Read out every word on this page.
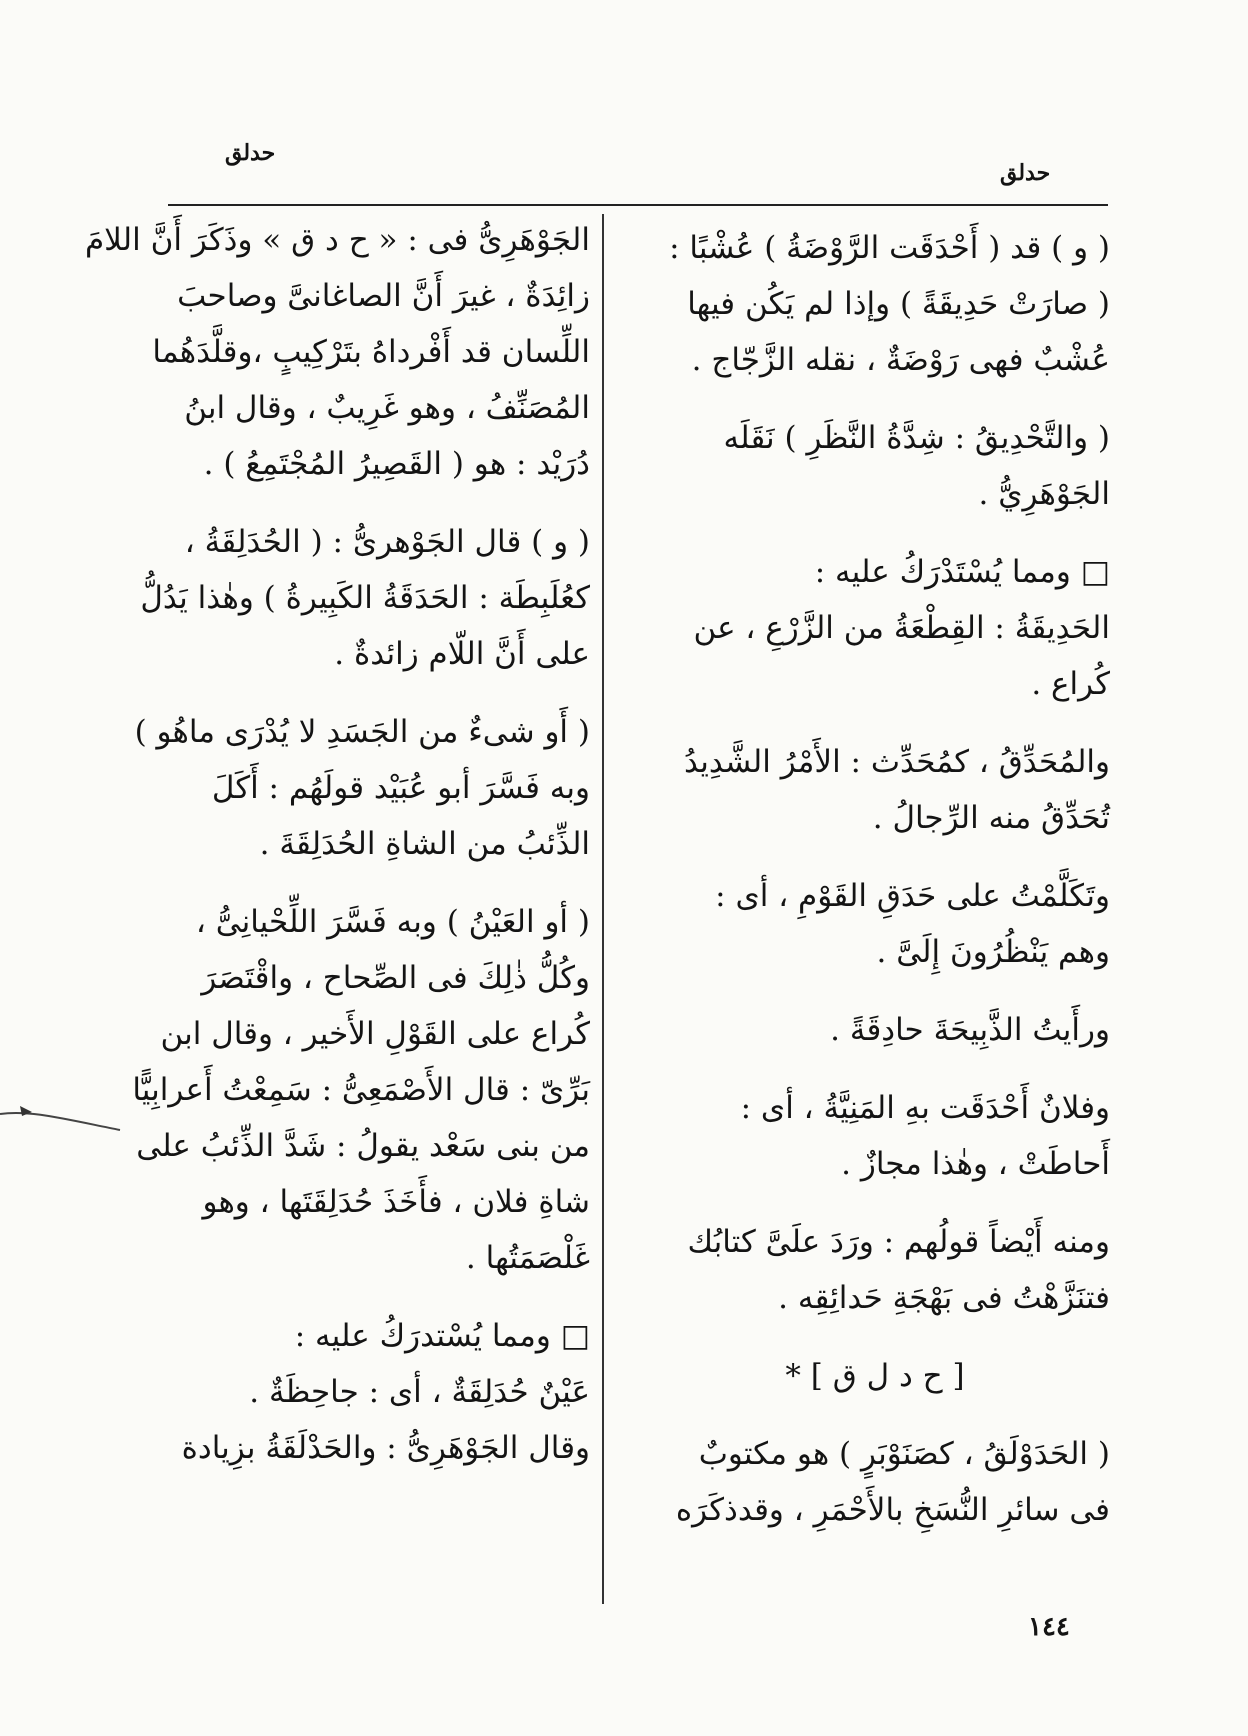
حدلق
حدلق
( و ) قد ( أَحْدَقَت الرَّوْضَةُ ) عُشْبًا :
( صارَتْ حَدِيقَةً ) وإذا لم يَكُن فيها
عُشْبٌ فهى رَوْضَةٌ ، نقله الزَّجّاج .
( والتَّحْدِيقُ : شِدَّةُ النَّظَرِ ) نَقَلَه
الجَوْهَرِيُّ .
□ ومما يُسْتَدْرَكُ عليه :
الحَدِيقَةُ : القِطْعَةُ من الزَّرْعِ ، عن
كُراع .
والمُحَدِّقُ ، كمُحَدِّث : الأَمْرُ الشَّدِيدُ
تُحَدِّقُ منه الرِّجالُ .
وتَكَلَّمْتُ على حَدَقِ القَوْمِ ، أى :
وهم يَنْظُرُونَ إِلَىَّ .
ورأَيتُ الذَّبِيحَةَ حادِقَةً .
وفلانٌ أَحْدَقَت بهِ المَنِيَّةُ ، أى :
أَحاطَتْ ، وهٰذا مجازٌ .
ومنه أَيْضاً قولُهم : ورَدَ علَىَّ كتابُك
فتنَزَّهْتُ فى بَهْجَةِ حَدائِقِه .
[ ح د ل ق ] *
( الحَدَوْلَقُ ، كصَنَوْبَرٍ ) هو مكتوبٌ
فى سائرِ النُّسَخِ بالأَحْمَرِ ، وقدذكَرَه
الجَوْهَرِىُّ فى : « ح د ق » وذَكَرَ أَنَّ اللامَ
زائِدَةٌ ، غيرَ أَنَّ الصاغانىَّ وصاحبَ
اللِّسان قد أَفْرداهُ بتَرْكِيبٍ ،وقلَّدَهُما
المُصَنِّفُ ، وهو غَرِيبٌ ، وقال ابنُ
دُرَيْد : هو ( القَصِيرُ المُجْتَمِعُ ) .
( و ) قال الجَوْهرىُّ : ( الحُدَلِقَةُ ،
كعُلَبِطَة : الحَدَقَةُ الكَبِيرةُ ) وهٰذا يَدُلُّ
على أَنَّ اللّام زائدةٌ .
( أَو شىءٌ من الجَسَدِ لا يُدْرَى ماهُو )
وبه فَسَّرَ أبو عُبَيْد قولَهُم : أَكَلَ
الذِّئبُ من الشاةِ الحُدَلِقَةَ .
( أو العَيْنُ ) وبه فَسَّرَ اللِّحْيانِىُّ ،
وكُلُّ ذٰلِكَ فى الصِّحاح ، واقْتَصَرَ
كُراع على القَوْلِ الأَخير ، وقال ابن
بَرِّىّ : قال الأَصْمَعِىُّ : سَمِعْتُ أَعرابِيًّا
من بنى سَعْد يقولُ : شَدَّ الذِّئبُ على
شاةِ فلان ، فأَخَذَ حُدَلِقَتَها ، وهو
غَلْصَمَتُها .
□ ومما يُسْتدرَكُ عليه :
عَيْنٌ حُدَلِقَةٌ ، أى : جاحِظَةٌ .
وقال الجَوْهَرِىُّ : والحَدْلَقَةُ بزِيادة
١٤٤
